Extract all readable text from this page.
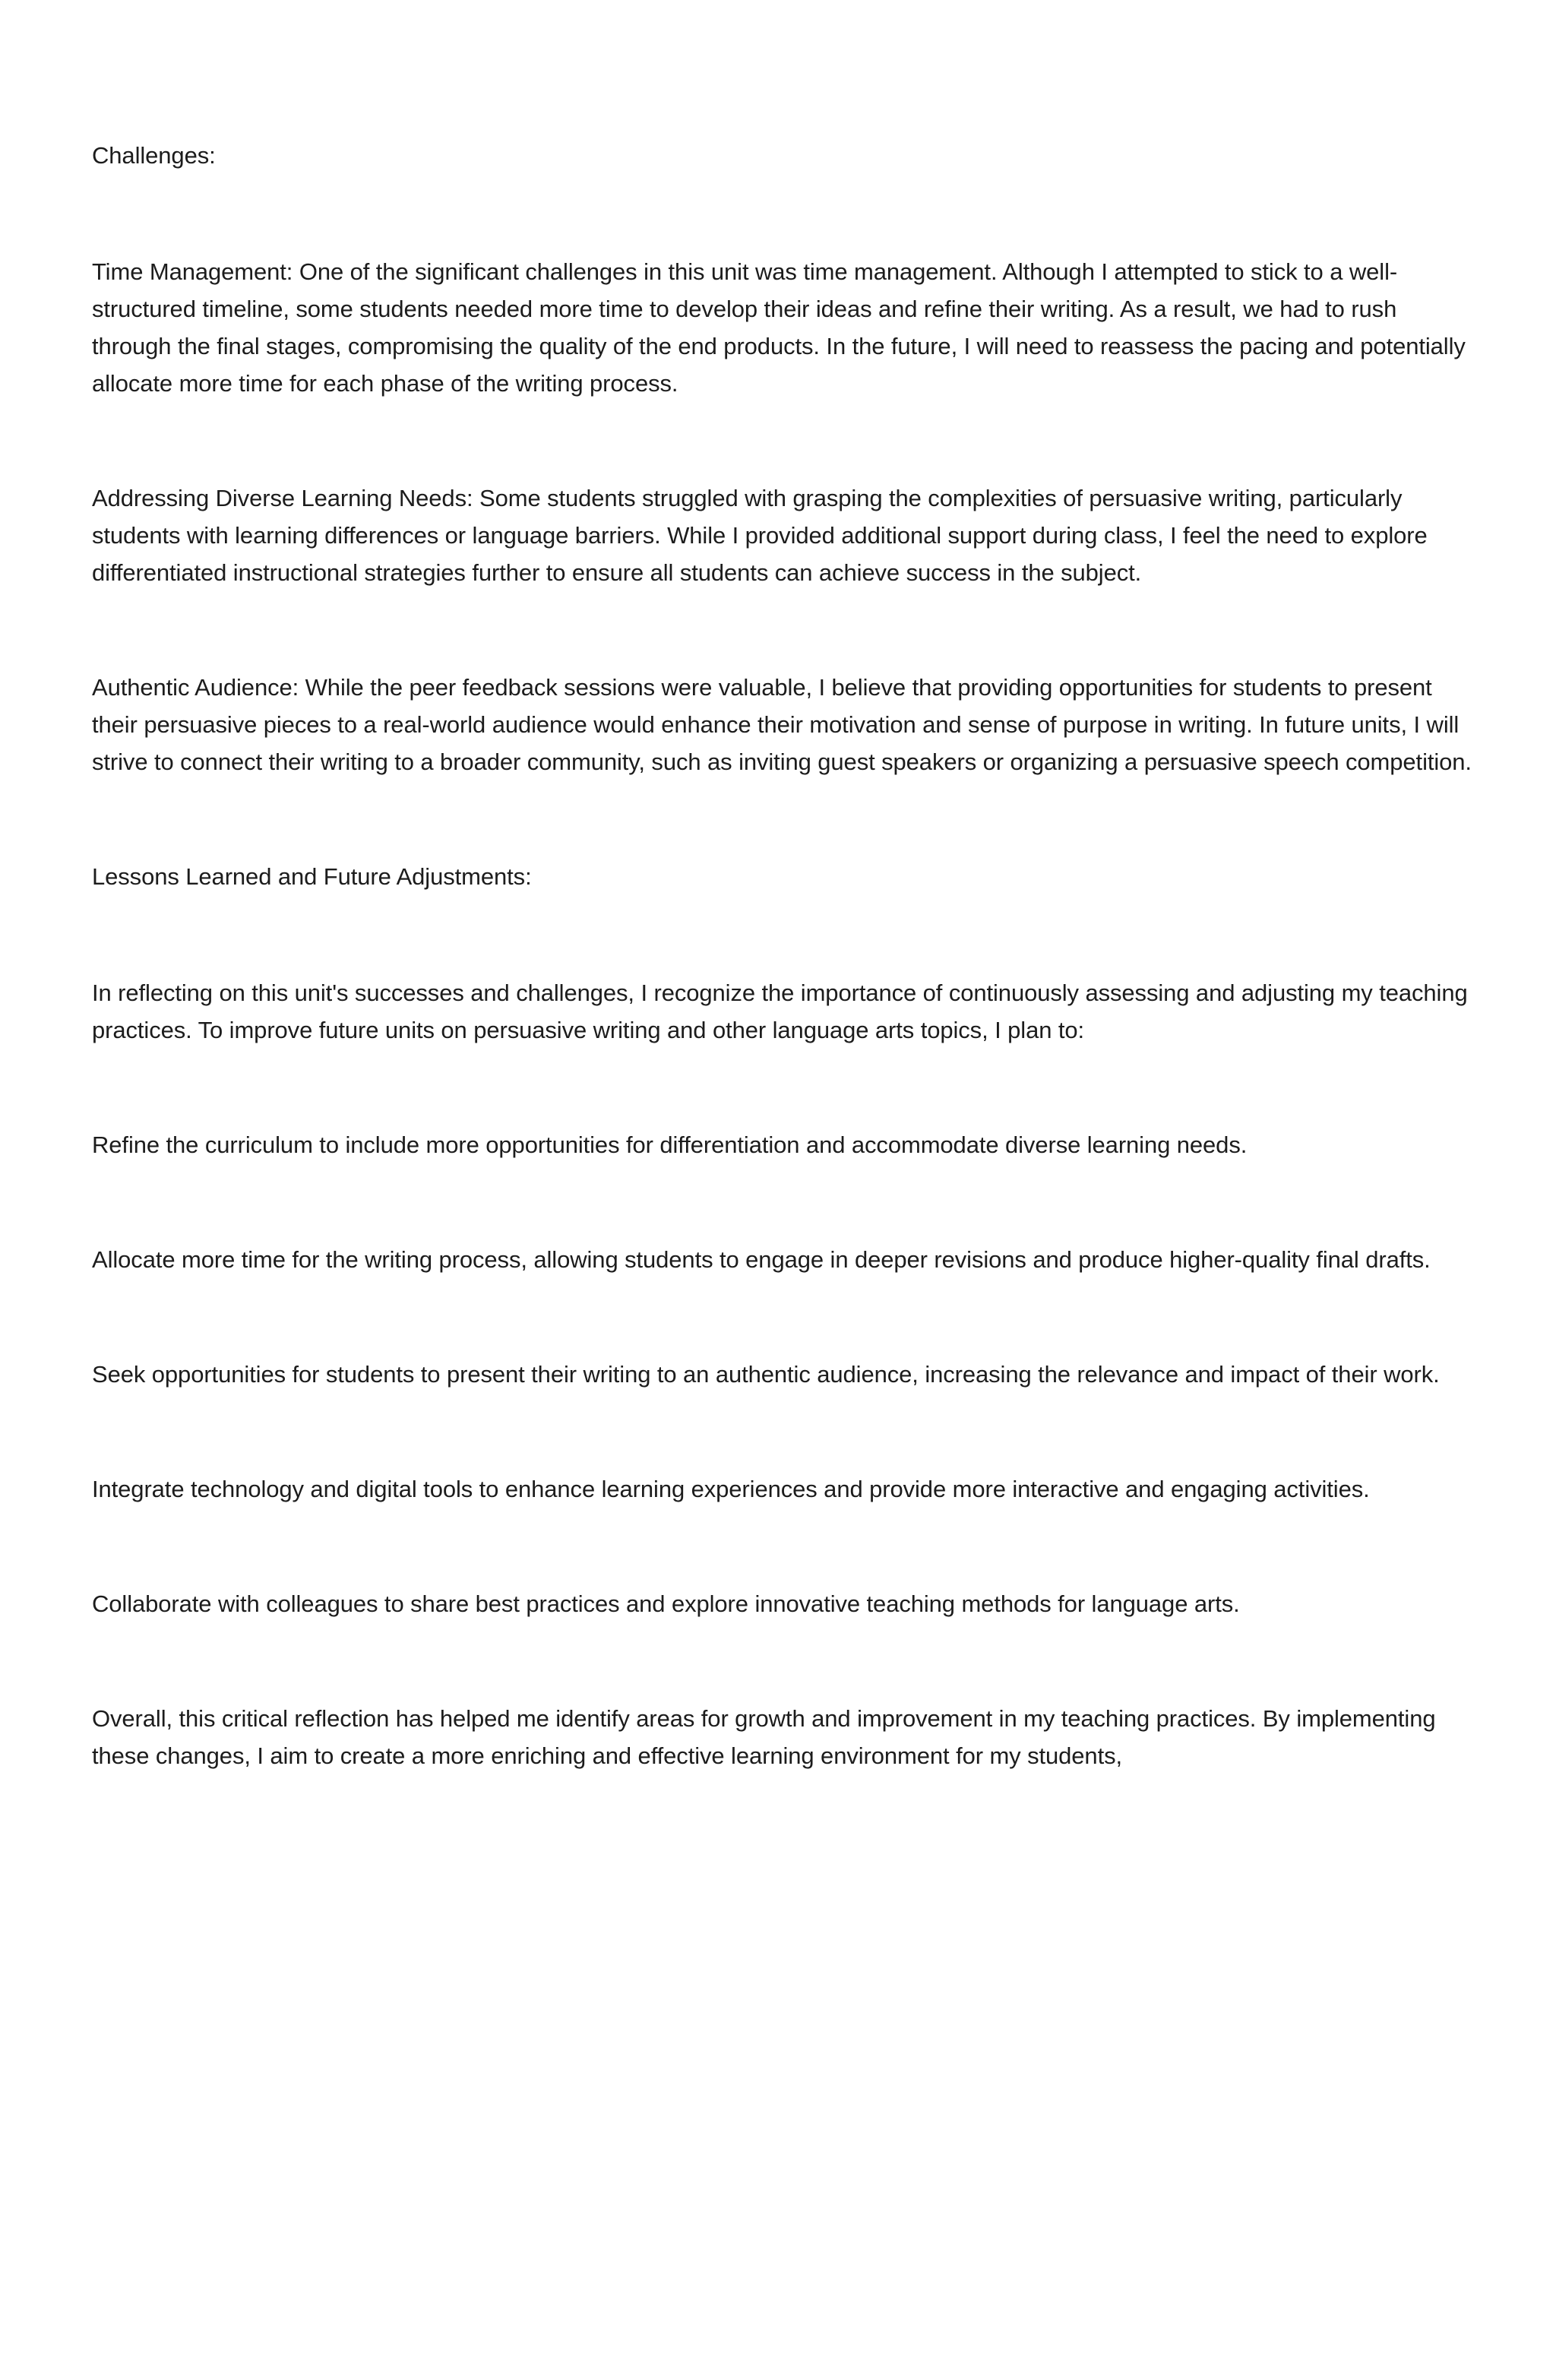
Challenges:

Time Management: One of the significant challenges in this unit was time management. Although I attempted to stick to a well-structured timeline, some students needed more time to develop their ideas and refine their writing. As a result, we had to rush through the final stages, compromising the quality of the end products. In the future, I will need to reassess the pacing and potentially allocate more time for each phase of the writing process.

Addressing Diverse Learning Needs: Some students struggled with grasping the complexities of persuasive writing, particularly students with learning differences or language barriers. While I provided additional support during class, I feel the need to explore differentiated instructional strategies further to ensure all students can achieve success in the subject.

Authentic Audience: While the peer feedback sessions were valuable, I believe that providing opportunities for students to present their persuasive pieces to a real-world audience would enhance their motivation and sense of purpose in writing. In future units, I will strive to connect their writing to a broader community, such as inviting guest speakers or organizing a persuasive speech competition.

Lessons Learned and Future Adjustments:

In reflecting on this unit's successes and challenges, I recognize the importance of continuously assessing and adjusting my teaching practices. To improve future units on persuasive writing and other language arts topics, I plan to:

Refine the curriculum to include more opportunities for differentiation and accommodate diverse learning needs.

Allocate more time for the writing process, allowing students to engage in deeper revisions and produce higher-quality final drafts.

Seek opportunities for students to present their writing to an authentic audience, increasing the relevance and impact of their work.

Integrate technology and digital tools to enhance learning experiences and provide more interactive and engaging activities.

Collaborate with colleagues to share best practices and explore innovative teaching methods for language arts.

Overall, this critical reflection has helped me identify areas for growth and improvement in my teaching practices. By implementing these changes, I aim to create a more enriching and effective learning environment for my students,
